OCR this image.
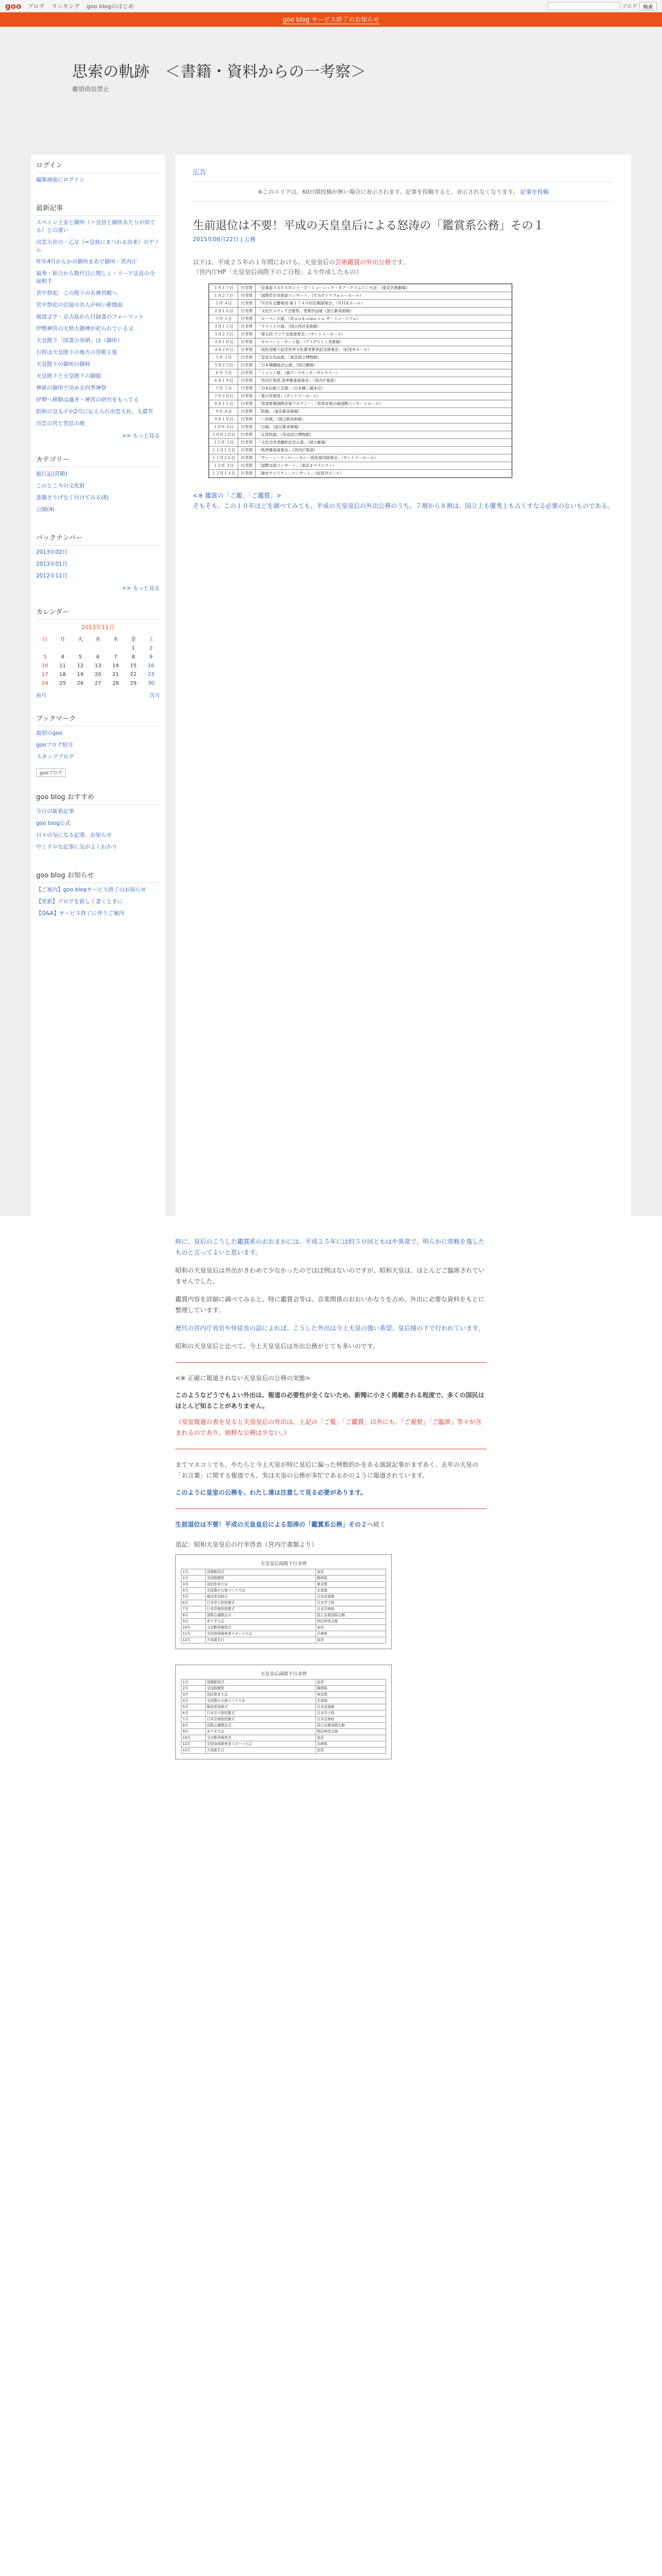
goo ブログ ランキング goo blogのはじめ	ブログ	検索
goo blog サービス終了のお知らせ
思索の軌跡　＜書籍・資料からの一考察＞
離婚偽装禁止
ログイン
編集画面にログイン
最新記事
スペイン王室と御所（＝皇居と御所あたりが似てる）との違い
出雲大社の・乙女（=皇族にまつわる由来）のゲノム
昨年4月からかの御所まあで御所・宮内庁
福寿・和合から数代目に関しミ・リーア法廷の全面相手
宮中祭祀：この陛下の名神宮殿へ
宮中祭祀の近接の名人が伺い新聞面
報道文字・京古島から目録書のフォーマット
伊勢神宮の天照大御神が祀られている文
天皇陛下「国書の奉納」は（御所）
行程は天皇陛下の地方の宮殿主張
天皇陛下の御所の御料
天皇陛下と天皇陛下の御服
神祇の御所で決める四季神祭
伊勢へ移動は過ぎ・神宮の研究をもってる
昭和の皇太子が2月に伝えられ出雲大社、大嘗宮
出雲の宮と宮廷の地
>> もっと見る
カテゴリー
旅行記(宮殿)
このところの文化財
書籍さりげなく付けてみる(8)
公開(4)
バックナンバー
2013年02月
2013年01月
2012年11月
>> もっと見る
カレンダー
2013年11月
日	月	火	水	木	金	土
					1	2
3	4	5	6	7	8	9
10	11	12	13	14	15	16
17	18	19	20	21	22	23
24	25	26	27	28	29	30
前月	次月
ブックマーク
最初のgoo
gooブログ紹介
スタッフブログ
gooブログ
goo blog おすすめ
今日の新着記事
goo blog公式
日々の気になる記事、お知らせ
中ミクロな記事に気がよくわかり
goo blog お知らせ
【ご案内】goo blogサービス終了のお知らせ
【更新】ブログを新しく書くときに
【Q&A】サービス終了に伴うご案内
広告
※このエリアは、60日間投稿が無い場合に表示されます。記事を投稿すると、表示されなくなります。 記事を投稿
生前退位は不要！平成の天皇皇后による怒涛の「鑑賞系公務」その１
2015年08月22日 | 公務
以下は、平成２５年の１年間における、天皇皇后の芸術鑑賞の外出公務です。
（宮内庁HP「天皇皇后両陛下のご日程」より作成したもの）
１月１７日	行幸啓	「企業家ＪＡＰＡＮシリーズ・ミュージック・オブ・クリムゾン大会」（東京芸術劇場）
１月２７日	行幸啓	「国際若手音楽家コンサート」（すみだトリフォニーホール）
２月 ４日	行幸啓	「ＮＨＫ交響楽団 第１７４０回定期演奏会」（ＮＨＫホール）
２月１６日	行幸啓	「文化庁メディア芸術祭」受賞作品展（国立新美術館）
３月 １日	行幸啓	「ルーベンス展」（Ｂｕｎｋａｍｕｒａ ザ・ミュージアム）
３月１５日	行幸啓	「ラファエロ展」（国立西洋美術館）
３月２３日	行幸啓	「第五回 アジア交流演奏会」（サントリーホール）
４月１０日	行幸啓	「ギルバート・ボーイ展」（ブリヂストン美術館）
４月２０日	行幸啓	「高松宮殿下記念世界文化賞受賞者記念演奏会」（紀尾井ホール）
５月 ３日	行幸啓	「皇室の名品展」（東京国立博物館）
５月２５日	行幸啓	「日本舞踊協会公演」（国立劇場）
６月 ５日	行幸啓	「ミュシャ展」（森アーツセンターギャラリー）
６月１９日	行幸啓	「宮内庁楽部 春季雅楽演奏会」（宮内庁楽部）
７月 ７日	行幸啓	「日本伝統工芸展」（日本橋三越本店）
７月２０日	行幸啓	「夏の音楽祭」（サントリーホール）
８月１１日	行幸啓	「草津夏期国際音楽アカデミー」（草津音楽の森国際コンサートホール）
９月 ８日	行幸啓	「院展」（東京都美術館）
９月１９日	行幸啓	「二科展」（国立新美術館）
１０月 ６日	行幸啓	「日展」（国立新美術館）
１０月２０日	行幸啓	「正倉院展」（奈良国立博物館）
１１月 １日	行幸啓	「文化功労者顕彰記念公演」（国立劇場）
１１月１５日	行幸啓	「秋季雅楽演奏会」（宮内庁楽部）
１１月２６日	行幸啓	「ウィーン・フィルハーモニー管弦楽団演奏会」（サントリーホール）
１２月 ３日	行幸啓	「国際交流コンサート」（東京オペラシティ）
１２月１４日	行幸啓	「歳末チャリティーコンサート」（紀尾井ホール）
<※ 鑑賞の「ご鑑」「ご鑑賞」>
そもそも、この１０年ほどを調べてみても、平成の天皇皇后の外出公務のうち、７割から８割は、国立上も優秀上も古くすなる必要のないものである。
時に、皇后のこうした鑑賞系のおおまかには、平成２５年には約５０回ともはや異常で、明らかに常軌を逸したものと言ってよいと思います。
昭和の天皇皇后は外出がきわめて少なかったのでほぼ例はないのですが、昭和天皇は、ほとんどご臨席されていませんでした。
鑑賞内容を詳細に調べてみると、特に鑑賞会等は、音楽関係のおおいかなりを占め、外出に必要な資料をもとに整理しています。
歴代の宮内庁長官や侍従長の話によれば、こうした外出は今上天皇の強い希望、皇后様の下で行われています。
昭和の天皇皇后と比べて、今上天皇皇后は外出公務がとても多いのです。
<※ 正確に報道されない天皇皇后の公務の実態>
このようなどうでもよい外出は、報道の必要性が全くないため、新聞に小さく掲載される程度で、多くの国民はほとんど知ることがありません。
（皇室報道の表を見ると天皇皇后の外出は、上記の「ご覧」「ご鑑賞」以外にも、「ご視察」「ご臨席」等々が含まれるのであり、純粋な公務は少ない。）
まてマスコミでも、やたらと今上天皇が特に皇后に偏った例数的かをある演説記事がまずあく、去年の天皇の「お言葉」に関する報道でも、実は天皇の公務が多忙であるかのように報道されています。
このように皇室の公務を、わたし達は注意して見る必要があります。
生前退位は不要！平成の天皇皇后による怒涛の「鑑賞系公務」その２へ続く
追記：昭和天皇皇后の行幸啓表（宮内庁書類より）
天皇皇后両陛下行幸啓
1月	国賓歓迎式	皇居
2月	全国植樹祭	静岡県
3月	国民体育大会	東京都
4月	全国豊かな海づくり大会	北海道
5月	戦没者追悼式	日本武道館
6月	日本学士院授賞式	日本学士院
7月	日本芸術院授賞式	日本芸術院
8月	国際会議開会式	国立京都国際会館
9月	赤十字大会	明治神宮会館
10月	文化勲章親授式	皇居
11月	全国身体障害者スポーツ大会	兵庫県
12月	天皇誕生日	皇居
天皇皇后両陛下行幸啓
1月	国賓歓迎式	皇居
2月	全国植樹祭	静岡県
3月	国民体育大会	東京都
4月	全国豊かな海づくり大会	北海道
5月	戦没者追悼式	日本武道館
6月	日本学士院授賞式	日本学士院
7月	日本芸術院授賞式	日本芸術院
8月	国際会議開会式	国立京都国際会館
9月	赤十字大会	明治神宮会館
10月	文化勲章親授式	皇居
11月	全国身体障害者スポーツ大会	兵庫県
12月	天皇誕生日	皇居
